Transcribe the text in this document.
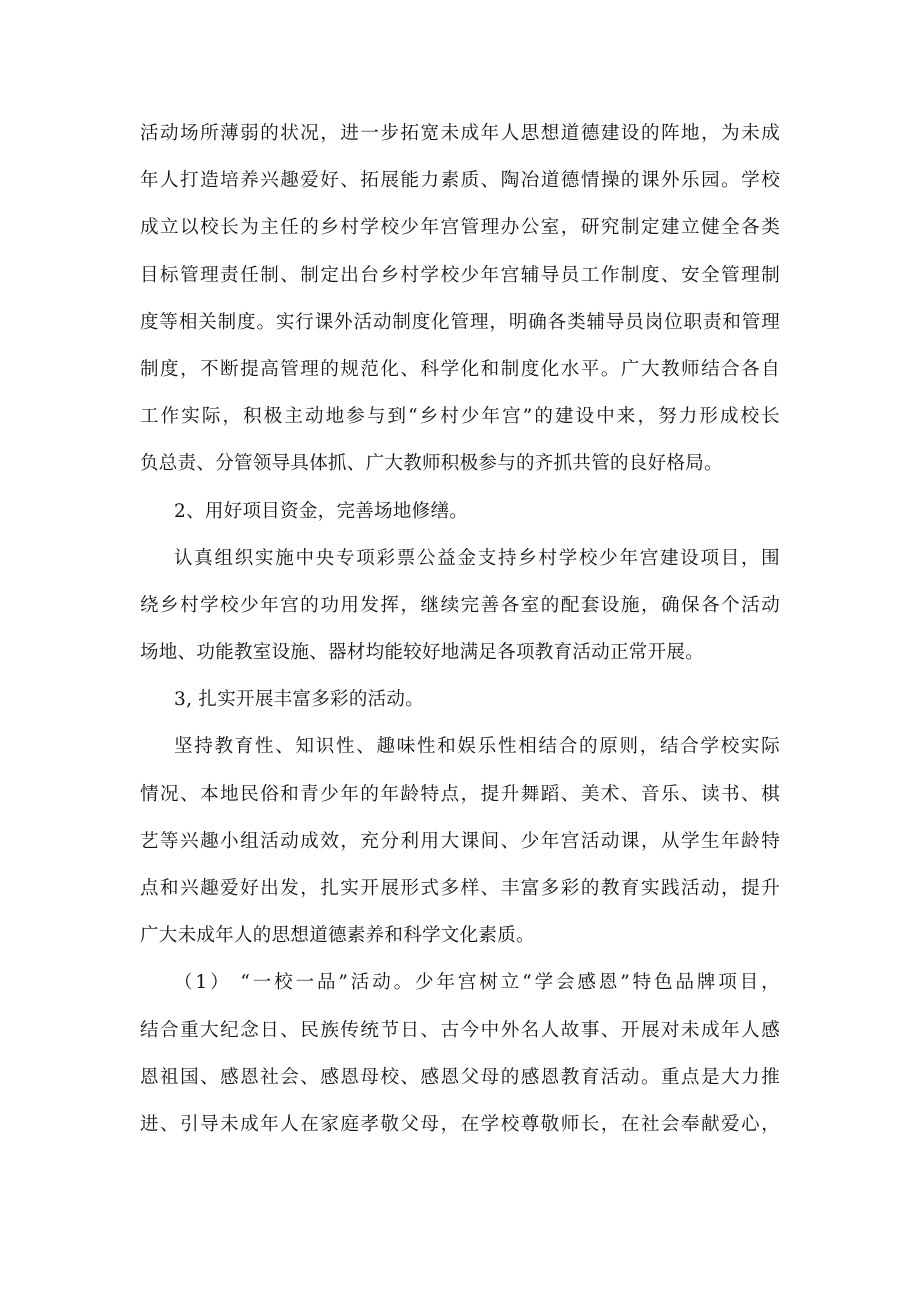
活动场所薄弱的状况，进一步拓宽未成年人思想道德建设的阵地，为未成
年人打造培养兴趣爱好、拓展能力素质、陶冶道德情操的课外乐园。学校
成立以校长为主任的乡村学校少年宫管理办公室，研究制定建立健全各类
目标管理责任制、制定出台乡村学校少年宫辅导员工作制度、安全管理制
度等相关制度。实行课外活动制度化管理，明确各类辅导员岗位职责和管理
制度，不断提高管理的规范化、科学化和制度化水平。广大教师结合各自
工作实际，积极主动地参与到“乡村少年宫”的建设中来，努力形成校长
负总责、分管领导具体抓、广大教师积极参与的齐抓共管的良好格局。
2、用好项目资金，完善场地修缮。
认真组织实施中央专项彩票公益金支持乡村学校少年宫建设项目，围
绕乡村学校少年宫的功用发挥，继续完善各室的配套设施，确保各个活动
场地、功能教室设施、器材均能较好地满足各项教育活动正常开展。
3, 扎实开展丰富多彩的活动。
坚持教育性、知识性、趣味性和娱乐性相结合的原则，结合学校实际
情况、本地民俗和青少年的年龄特点，提升舞蹈、美术、音乐、读书、棋
艺等兴趣小组活动成效，充分利用大课间、少年宫活动课，从学生年龄特
点和兴趣爱好出发，扎实开展形式多样、丰富多彩的教育实践活动，提升
广大未成年人的思想道德素养和科学文化素质。
（1） “一校一品”活动。少年宫树立“学会感恩”特色品牌项目，
结合重大纪念日、民族传统节日、古今中外名人故事、开展对未成年人感
恩祖国、感恩社会、感恩母校、感恩父母的感恩教育活动。重点是大力推
进、引导未成年人在家庭孝敬父母，在学校尊敬师长，在社会奉献爱心，
